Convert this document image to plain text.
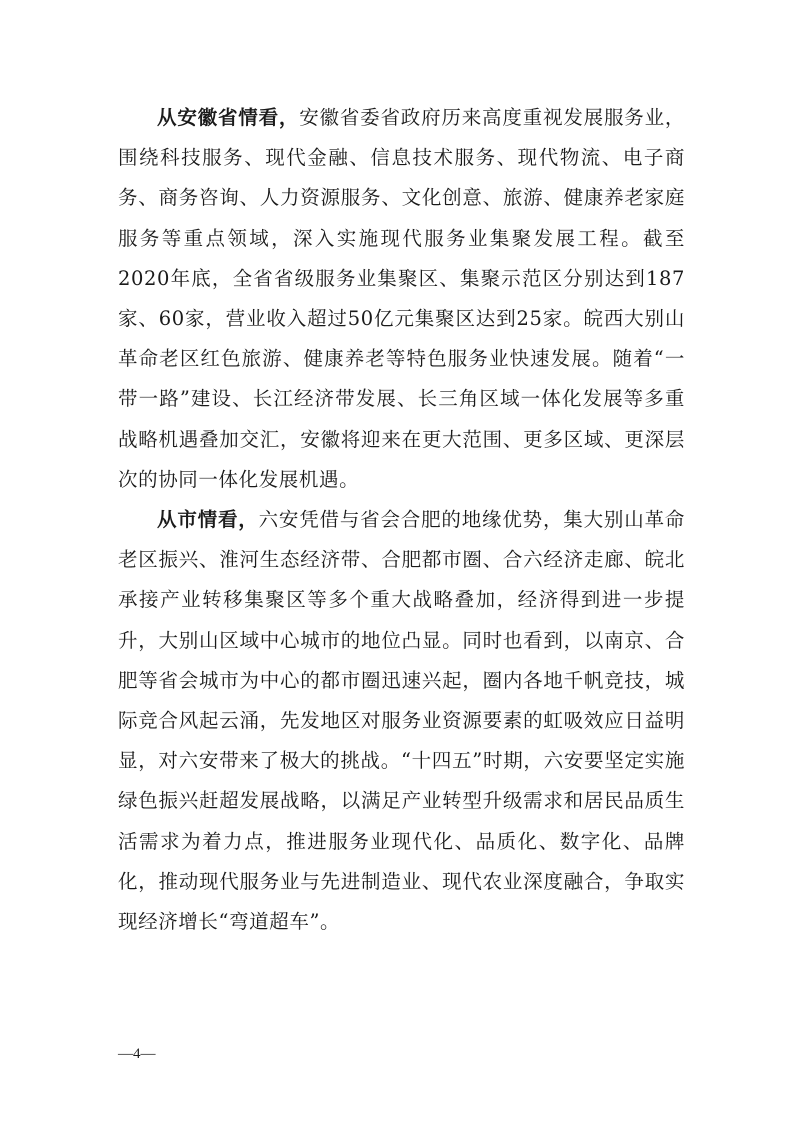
从安徽省情看，安徽省委省政府历来高度重视发展服务业，围绕科技服务、现代金融、信息技术服务、现代物流、电子商务、商务咨询、人力资源服务、文化创意、旅游、健康养老家庭服务等重点领域，深入实施现代服务业集聚发展工程。截至2020年底，全省省级服务业集聚区、集聚示范区分别达到187家、60家，营业收入超过50亿元集聚区达到25家。皖西大别山革命老区红色旅游、健康养老等特色服务业快速发展。随着“一带一路”建设、长江经济带发展、长三角区域一体化发展等多重战略机遇叠加交汇，安徽将迎来在更大范围、更多区域、更深层次的协同一体化发展机遇。

从市情看，六安凭借与省会合肥的地缘优势，集大别山革命老区振兴、淮河生态经济带、合肥都市圈、合六经济走廊、皖北承接产业转移集聚区等多个重大战略叠加，经济得到进一步提升，大别山区域中心城市的地位凸显。同时也看到，以南京、合肥等省会城市为中心的都市圈迅速兴起，圈内各地千帆竞技，城际竞合风起云涌，先发地区对服务业资源要素的虹吸效应日益明显，对六安带来了极大的挑战。“十四五”时期，六安要坚定实施绿色振兴赶超发展战略，以满足产业转型升级需求和居民品质生活需求为着力点，推进服务业现代化、品质化、数字化、品牌化，推动现代服务业与先进制造业、现代农业深度融合，争取实现经济增长“弯道超车”。

—4—
